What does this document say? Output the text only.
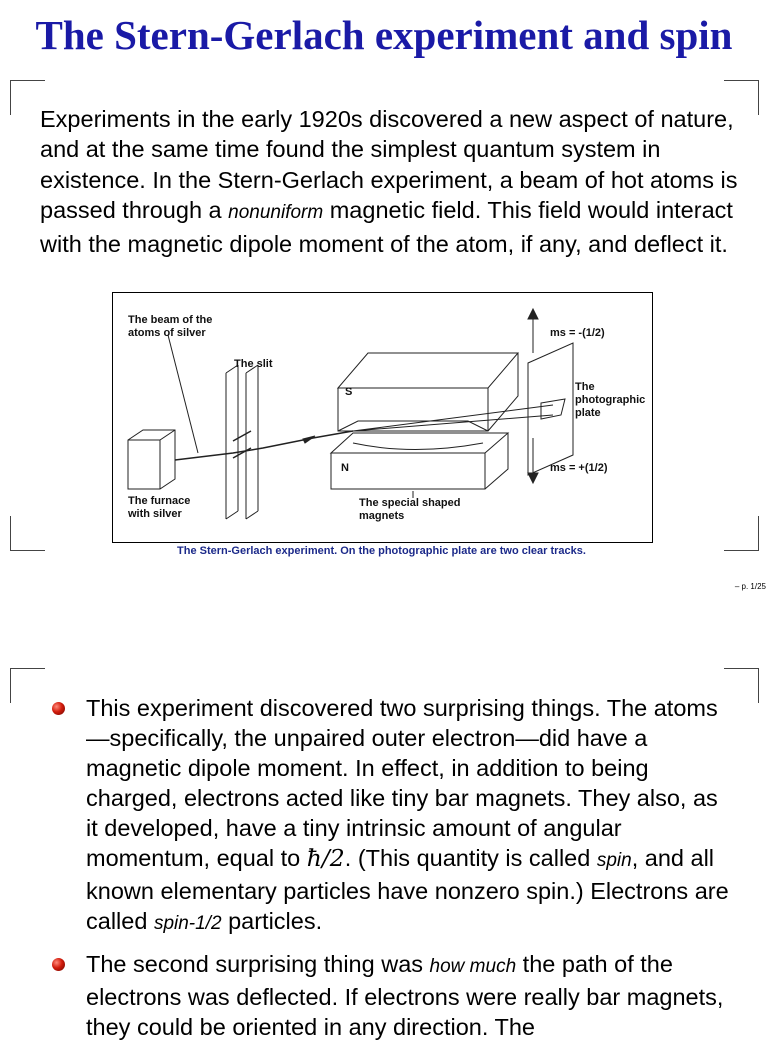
The Stern-Gerlach experiment and spin

Experiments in the early 1920s discovered a new aspect of nature, and at the same time found the simplest quantum system in existence. In the Stern-Gerlach experiment, a beam of hot atoms is passed through a nonuniform magnetic field. This field would interact with the magnetic dipole moment of the atom, if any, and deflect it.

The beam of the
atoms of silver
The slit
S
N
The
photographic
plate
ms = -(1/2)
ms = +(1/2)
The furnace
with silver
The special shaped
magnets
The Stern-Gerlach experiment. On the photographic plate are two clear tracks.
– p. 1/25
This experiment discovered two surprising things. The atoms—specifically, the unpaired outer electron—did have a magnetic dipole moment. In effect, in addition to being charged, electrons acted like tiny bar magnets. They also, as it developed, have a tiny intrinsic amount of angular momentum, equal to ħ/2. (This quantity is called spin, and all known elementary particles have nonzero spin.) Electrons are called spin-1/2 particles.
The second surprising thing was how much the path of the electrons was deflected. If electrons were really bar magnets, they could be oriented in any direction. The
